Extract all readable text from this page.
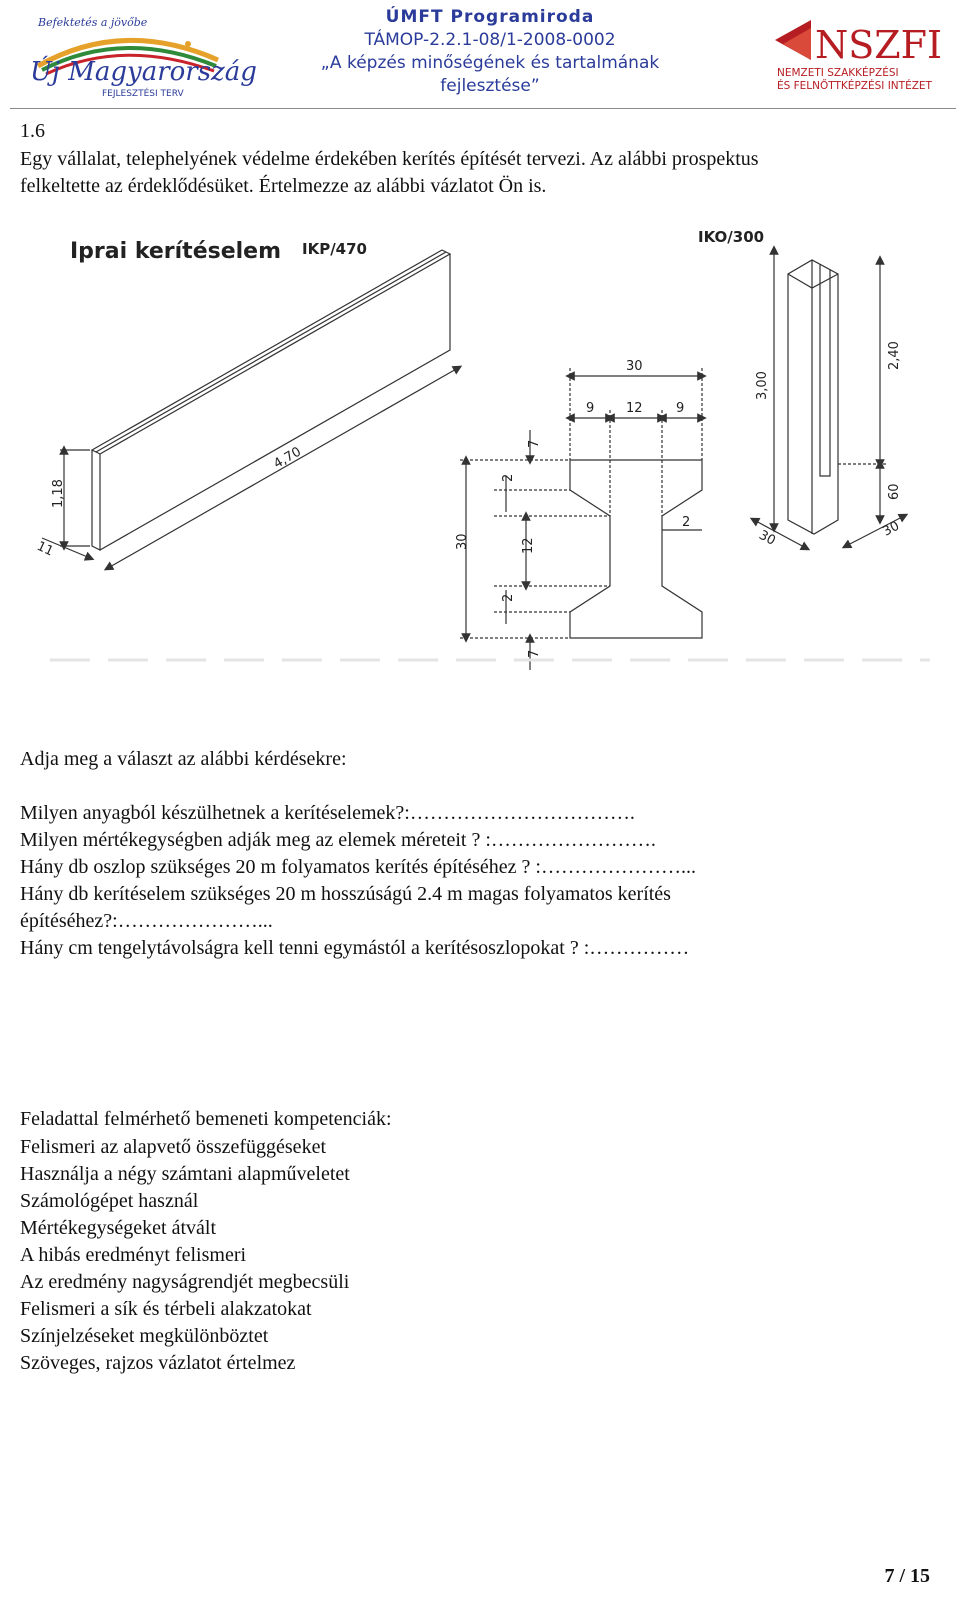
Befektetés a jövőbe
Új Magyarország
FEJLESZTÉSI TERV
ÚMFT Programiroda
TÁMOP-2.2.1-08/1-2008-0002
„A képzés minőségének és tartalmának
fejlesztése”
NSZFI
NEMZETI SZAKKÉPZÉSI
ÉS FELNŐTTKÉPZÉSI INTÉZET
1.6
Egy vállalat, telephelyének védelme érdekében kerítés építését tervezi. Az alábbi prospektus
felkeltette az érdeklődésüket. Értelmezze az alábbi vázlatot Ön is.
Iprai kerítéselem IKP/470
IKO/300
1,18
11
4,70
30
9 12	9
30
7
2
12
2
7
2
3,00
2,40
60
30	30
Adja meg a választ az alábbi kérdésekre:
Milyen anyagból készülhetnek a kerítéselemek?:…………………………….
Milyen mértékegységben adják meg az elemek méreteit ? :…………………….
Hány db oszlop szükséges 20 m folyamatos kerítés építéséhez ? :…………………...
Hány db kerítéselem szükséges 20 m hosszúságú 2.4 m magas folyamatos kerítés
építéséhez?:…………………...
Hány cm tengelytávolságra kell tenni egymástól a kerítésoszlopokat ? :……………
Feladattal felmérhető bemeneti kompetenciák:
Felismeri az alapvető összefüggéseket
Használja a négy számtani alapműveletet
Számológépet használ
Mértékegységeket átvált
A hibás eredményt felismeri
Az eredmény nagyságrendjét megbecsüli
Felismeri a sík és térbeli alakzatokat
Színjelzéseket megkülönböztet
Szöveges, rajzos vázlatot értelmez
7 / 15
